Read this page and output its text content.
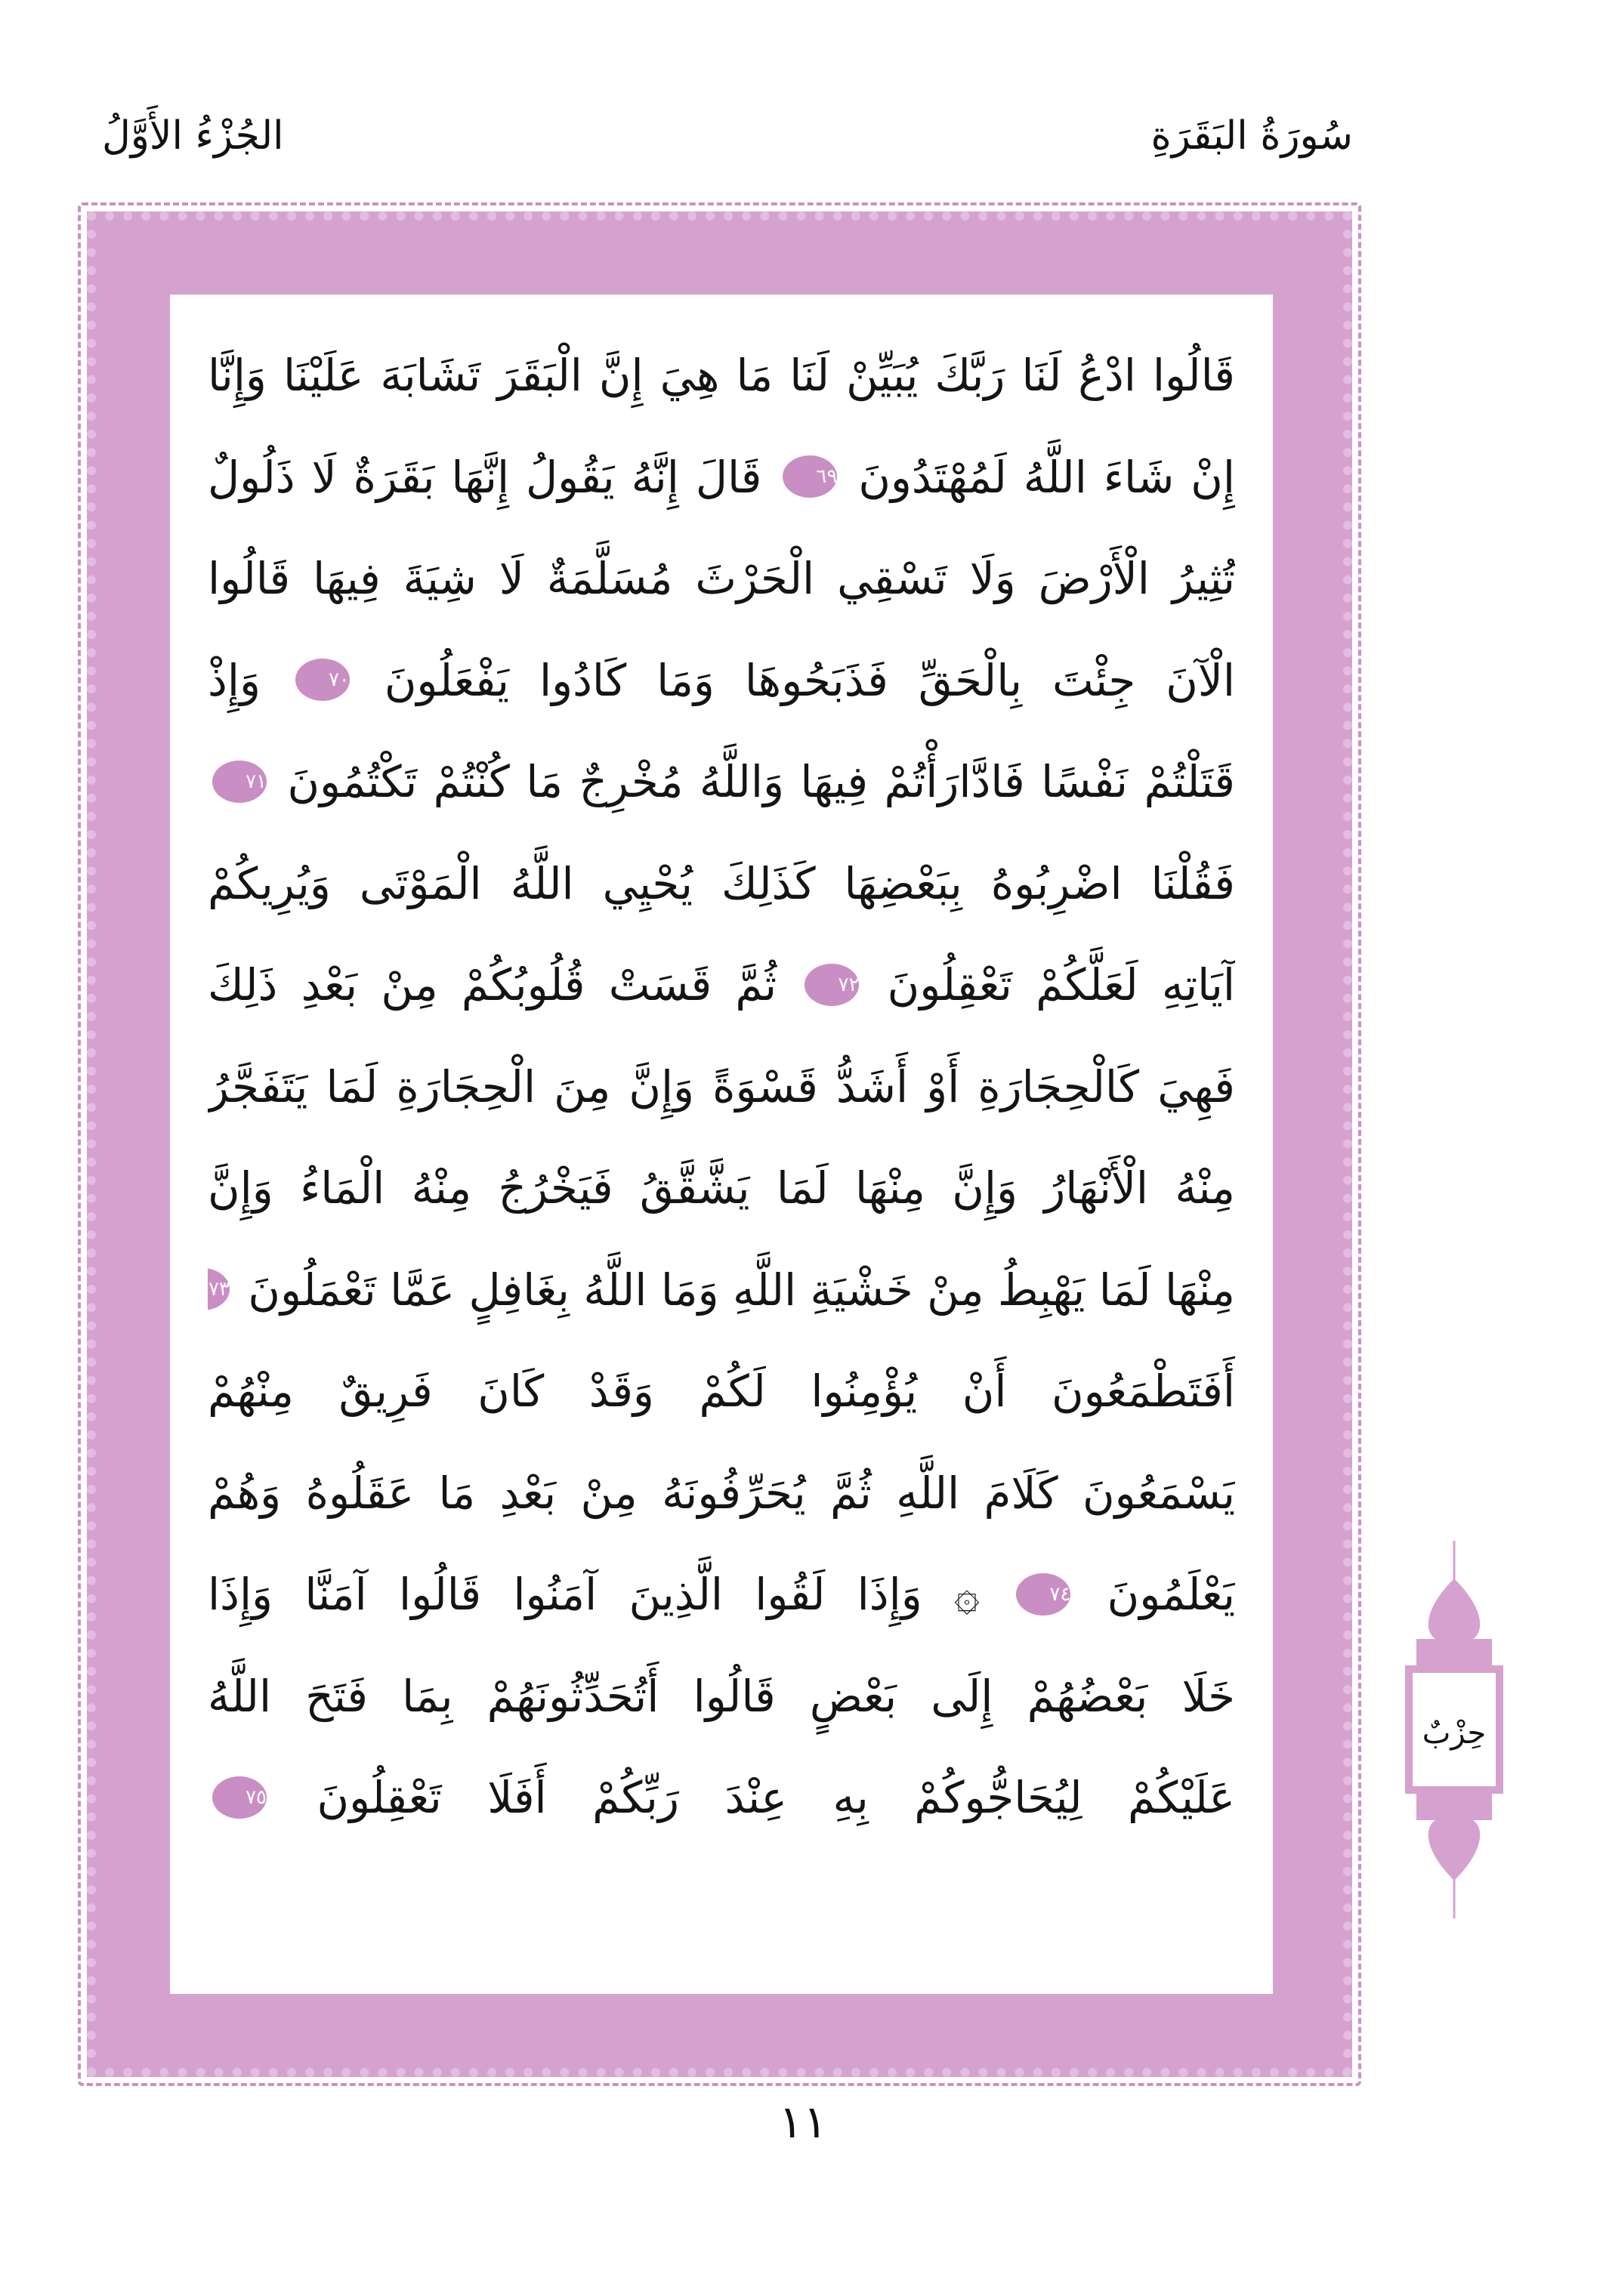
سُورَةُ البَقَرَةِ
الجُزْءُ الأَوَّلُ
قَالُوا ادْعُ لَنَا رَبَّكَ يُبَيِّنْ لَنَا مَا هِيَ إِنَّ الْبَقَرَ تَشَابَهَ عَلَيْنَا وَإِنَّا
إِنْ شَاءَ اللَّهُ لَمُهْتَدُونَ ٦٩ قَالَ إِنَّهُ يَقُولُ إِنَّهَا بَقَرَةٌ لَا ذَلُولٌ
تُثِيرُ الْأَرْضَ وَلَا تَسْقِي الْحَرْثَ مُسَلَّمَةٌ لَا شِيَةَ فِيهَا قَالُوا
الْآنَ جِئْتَ بِالْحَقِّ فَذَبَحُوهَا وَمَا كَادُوا يَفْعَلُونَ ٧٠ وَإِذْ
قَتَلْتُمْ نَفْسًا فَادَّارَأْتُمْ فِيهَا وَاللَّهُ مُخْرِجٌ مَا كُنْتُمْ تَكْتُمُونَ ٧١
فَقُلْنَا اضْرِبُوهُ بِبَعْضِهَا كَذَلِكَ يُحْيِي اللَّهُ الْمَوْتَى وَيُرِيكُمْ
آيَاتِهِ لَعَلَّكُمْ تَعْقِلُونَ ٧٢ ثُمَّ قَسَتْ قُلُوبُكُمْ مِنْ بَعْدِ ذَلِكَ
فَهِيَ كَالْحِجَارَةِ أَوْ أَشَدُّ قَسْوَةً وَإِنَّ مِنَ الْحِجَارَةِ لَمَا يَتَفَجَّرُ
مِنْهُ الْأَنْهَارُ وَإِنَّ مِنْهَا لَمَا يَشَّقَّقُ فَيَخْرُجُ مِنْهُ الْمَاءُ وَإِنَّ
مِنْهَا لَمَا يَهْبِطُ مِنْ خَشْيَةِ اللَّهِ وَمَا اللَّهُ بِغَافِلٍ عَمَّا تَعْمَلُونَ ٧٣
أَفَتَطْمَعُونَ أَنْ يُؤْمِنُوا لَكُمْ وَقَدْ كَانَ فَرِيقٌ مِنْهُمْ
يَسْمَعُونَ كَلَامَ اللَّهِ ثُمَّ يُحَرِّفُونَهُ مِنْ بَعْدِ مَا عَقَلُوهُ وَهُمْ
يَعْلَمُونَ ٧٤ ۞ وَإِذَا لَقُوا الَّذِينَ آمَنُوا قَالُوا آمَنَّا وَإِذَا
خَلَا بَعْضُهُمْ إِلَى بَعْضٍ قَالُوا أَتُحَدِّثُونَهُمْ بِمَا فَتَحَ اللَّهُ
عَلَيْكُمْ لِيُحَاجُّوكُمْ بِهِ عِنْدَ رَبِّكُمْ أَفَلَا تَعْقِلُونَ ٧٥
حِزْبٌ
١١
